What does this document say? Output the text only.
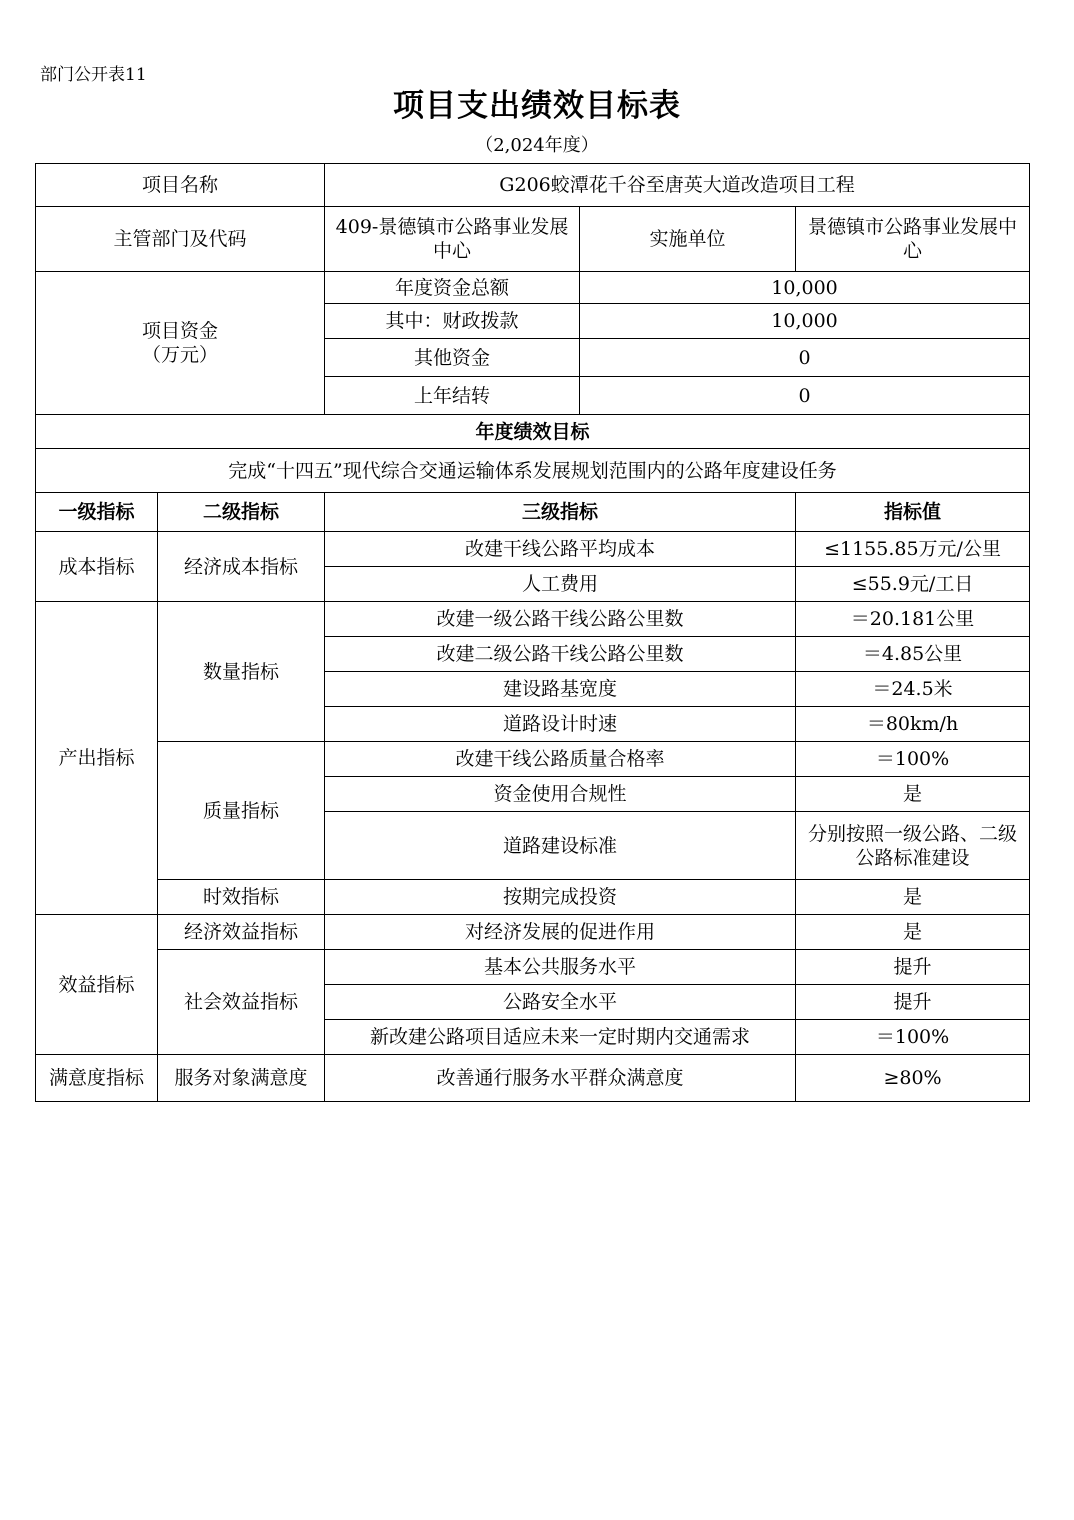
部门公开表11
项目支出绩效目标表
（2,024年度）
项目名称		G206蛟潭花千谷至唐英大道改造项目工程		
主管部门及代码		409-景德镇市公路事业发展中心	实施单位	景德镇市公路事业发展中心

项目资金
（万元）		年度资金总额	10,000	
		其中：财政拨款	10,000	
		其他资金	0	
		上年结转	0	
年度绩效目标				
完成“十四五”现代综合交通运输体系发展规划范围内的公路年度建设任务				
一级指标	二级指标	三级指标		指标值
成本指标	经济成本指标	改建干线公路平均成本		≤1155.85万元/公里
		人工费用		≤55.9元/工日
产出指标	数量指标	改建一级公路干线公路公里数		＝20.181公里
		改建二级公路干线公路公里数		＝4.85公里
		建设路基宽度		＝24.5米
		道路设计时速		＝80km/h
	质量指标	改建干线公路质量合格率		＝100%
		资金使用合规性		是
		道路建设标准		分别按照一级公路、二级公路标准建设
	时效指标	按期完成投资		是
效益指标	经济效益指标	对经济发展的促进作用		是
	社会效益指标	基本公共服务水平		提升
		公路安全水平		提升
		新改建公路项目适应未来一定时期内交通需求		＝100%
满意度指标	服务对象满意度	改善通行服务水平群众满意度		≥80%
